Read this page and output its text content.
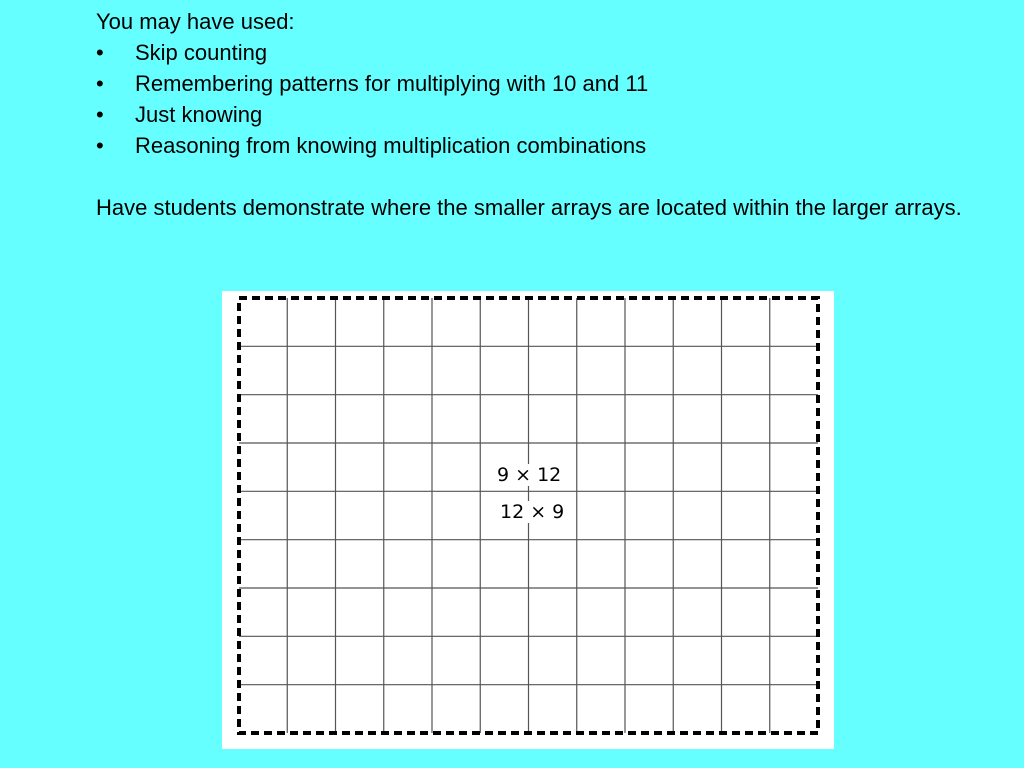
You may have used:

• Skip counting
• Remembering patterns for multiplying with 10 and 11
• Just knowing
• Reasoning from knowing multiplication combinations

Have students demonstrate where the smaller arrays are located within the larger arrays.

9 × 12
12 × 9
